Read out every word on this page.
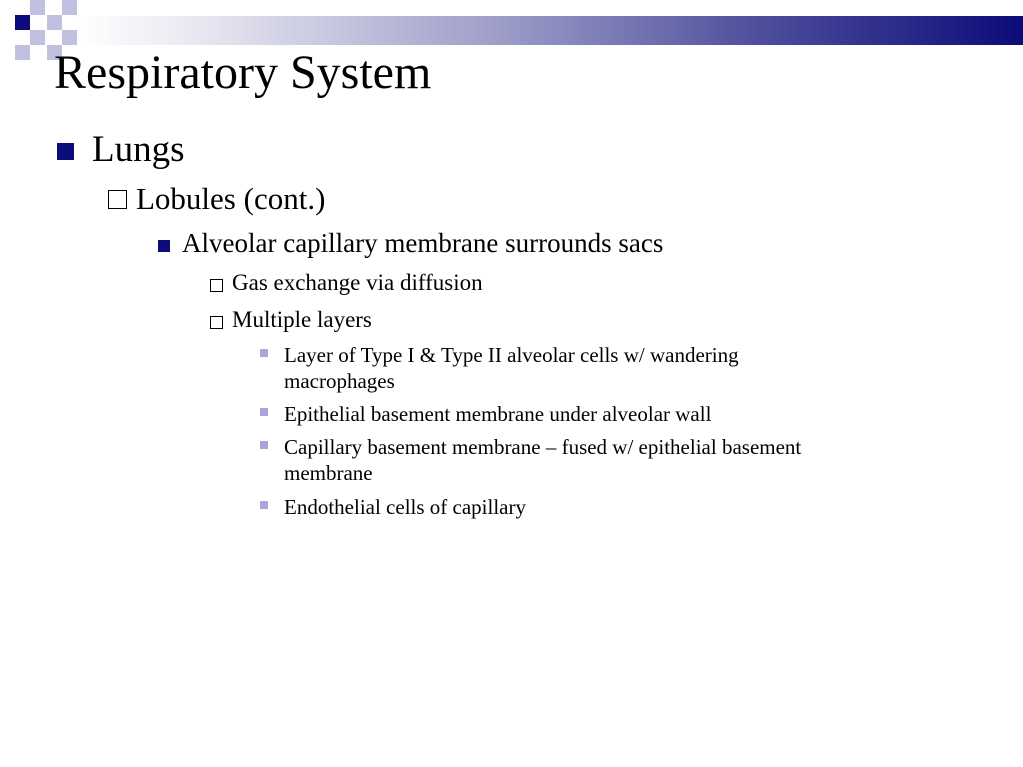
Respiratory System
Lungs
Lobules (cont.)
Alveolar capillary membrane surrounds sacs
Gas exchange via diffusion
Multiple layers
Layer of Type I & Type II alveolar cells w/ wandering
macrophages
Epithelial basement membrane under alveolar wall
Capillary basement membrane – fused w/ epithelial basement
membrane
Endothelial cells of capillary
